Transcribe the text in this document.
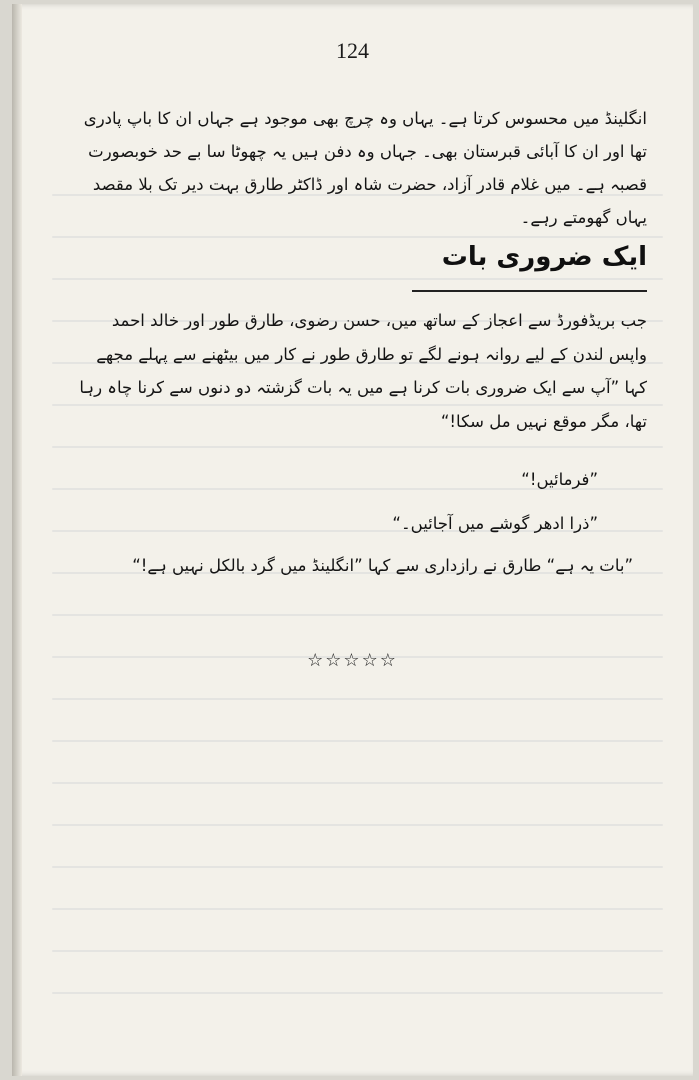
124
انگلینڈ میں محسوس کرتا ہے۔ یہاں وہ چرچ بھی موجود ہے جہاں ان کا باپ پادری تھا اور ان کا آبائی قبرستان بھی۔ جہاں وہ دفن ہیں یہ چھوٹا سا بے حد خوبصورت قصبہ ہے۔ میں غلام قادر آزاد، حضرت شاہ اور ڈاکٹر طارق بہت دیر تک بلا مقصد یہاں گھومتے رہے۔
ایک ضروری بات
جب بریڈفورڈ سے اعجاز کے ساتھ میں، حسن رضوی، طارق طور اور خالد احمد واپس لندن کے لیے روانہ ہونے لگے تو طارق طور نے کار میں بیٹھنے سے پہلے مجھے کہا ”آپ سے ایک ضروری بات کرنا ہے میں یہ بات گزشتہ دو دنوں سے کرنا چاہ رہا تھا، مگر موقع نہیں مل سکا!“
”فرمائیں!“
”ذرا ادھر گوشے میں آجائیں۔“
”بات یہ ہے“ طارق نے رازداری سے کہا ”انگلینڈ میں گرد بالکل نہیں ہے!“
☆☆☆☆☆
